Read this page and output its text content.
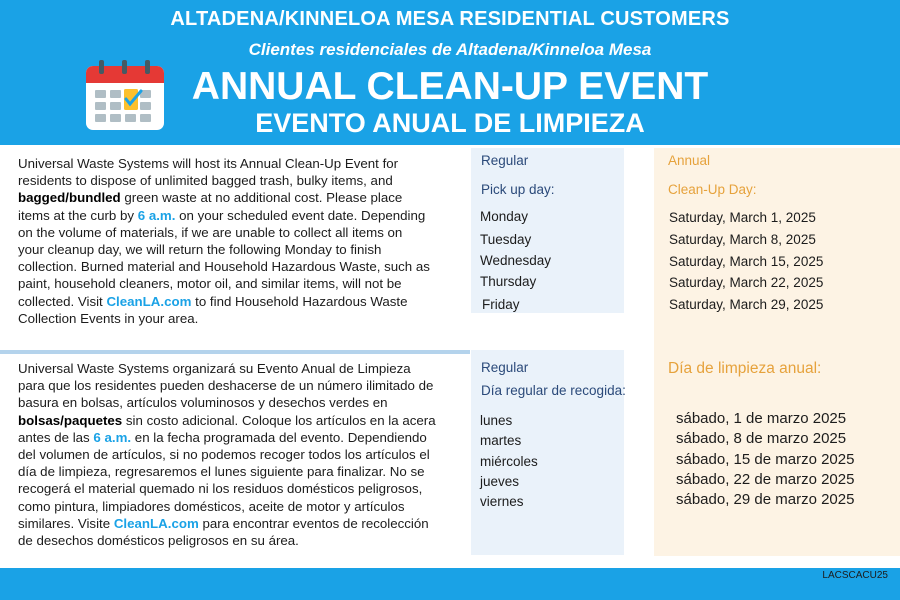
ALTADENA/KINNELOA MESA RESIDENTIAL CUSTOMERS
Clientes residenciales de Altadena/Kinneloa Mesa
ANNUAL CLEAN-UP EVENT
EVENTO ANUAL DE LIMPIEZA
Universal Waste Systems will host its Annual Clean-Up Event for residents to dispose of unlimited bagged trash, bulky items, and bagged/bundled green waste at no additional cost. Please place items at the curb by 6 a.m. on your scheduled event date. Depending on the volume of materials, if we are unable to collect all items on your cleanup day, we will return the following Monday to finish collection. Burned material and Household Hazardous Waste, such as paint, household cleaners, motor oil, and similar items, will not be collected. Visit CleanLA.com to find Household Hazardous Waste Collection Events in your area.
Regular
Pick up day:
Monday
Tuesday
Wednesday
Thursday
Friday
Annual
Clean-Up Day:
Saturday, March 1, 2025
Saturday, March 8, 2025
Saturday, March 15, 2025
Saturday, March 22, 2025
Saturday, March 29, 2025
Universal Waste Systems organizará su Evento Anual de Limpieza para que los residentes pueden deshacerse de un número ilimitado de basura en bolsas, artículos voluminosos y desechos verdes en bolsas/paquetes sin costo adicional. Coloque los artículos en la acera antes de las 6 a.m. en la fecha programada del evento. Dependiendo del volumen de artículos, si no podemos recoger todos los artículos el día de limpieza, regresaremos el lunes siguiente para finalizar. No se recogerá el material quemado ni los residuos domésticos peligrosos, como pintura, limpiadores domésticos, aceite de motor y artículos similares. Visite CleanLA.com para encontrar eventos de recolección de desechos domésticos peligrosos en su área.
Regular
Día regular de recogida:
lunes
martes
miércoles
jueves
viernes
Día de limpieza anual:
sábado, 1 de marzo 2025
sábado, 8 de marzo 2025
sábado, 15 de marzo 2025
sábado, 22 de marzo 2025
sábado, 29 de marzo 2025
LACSCACU25
